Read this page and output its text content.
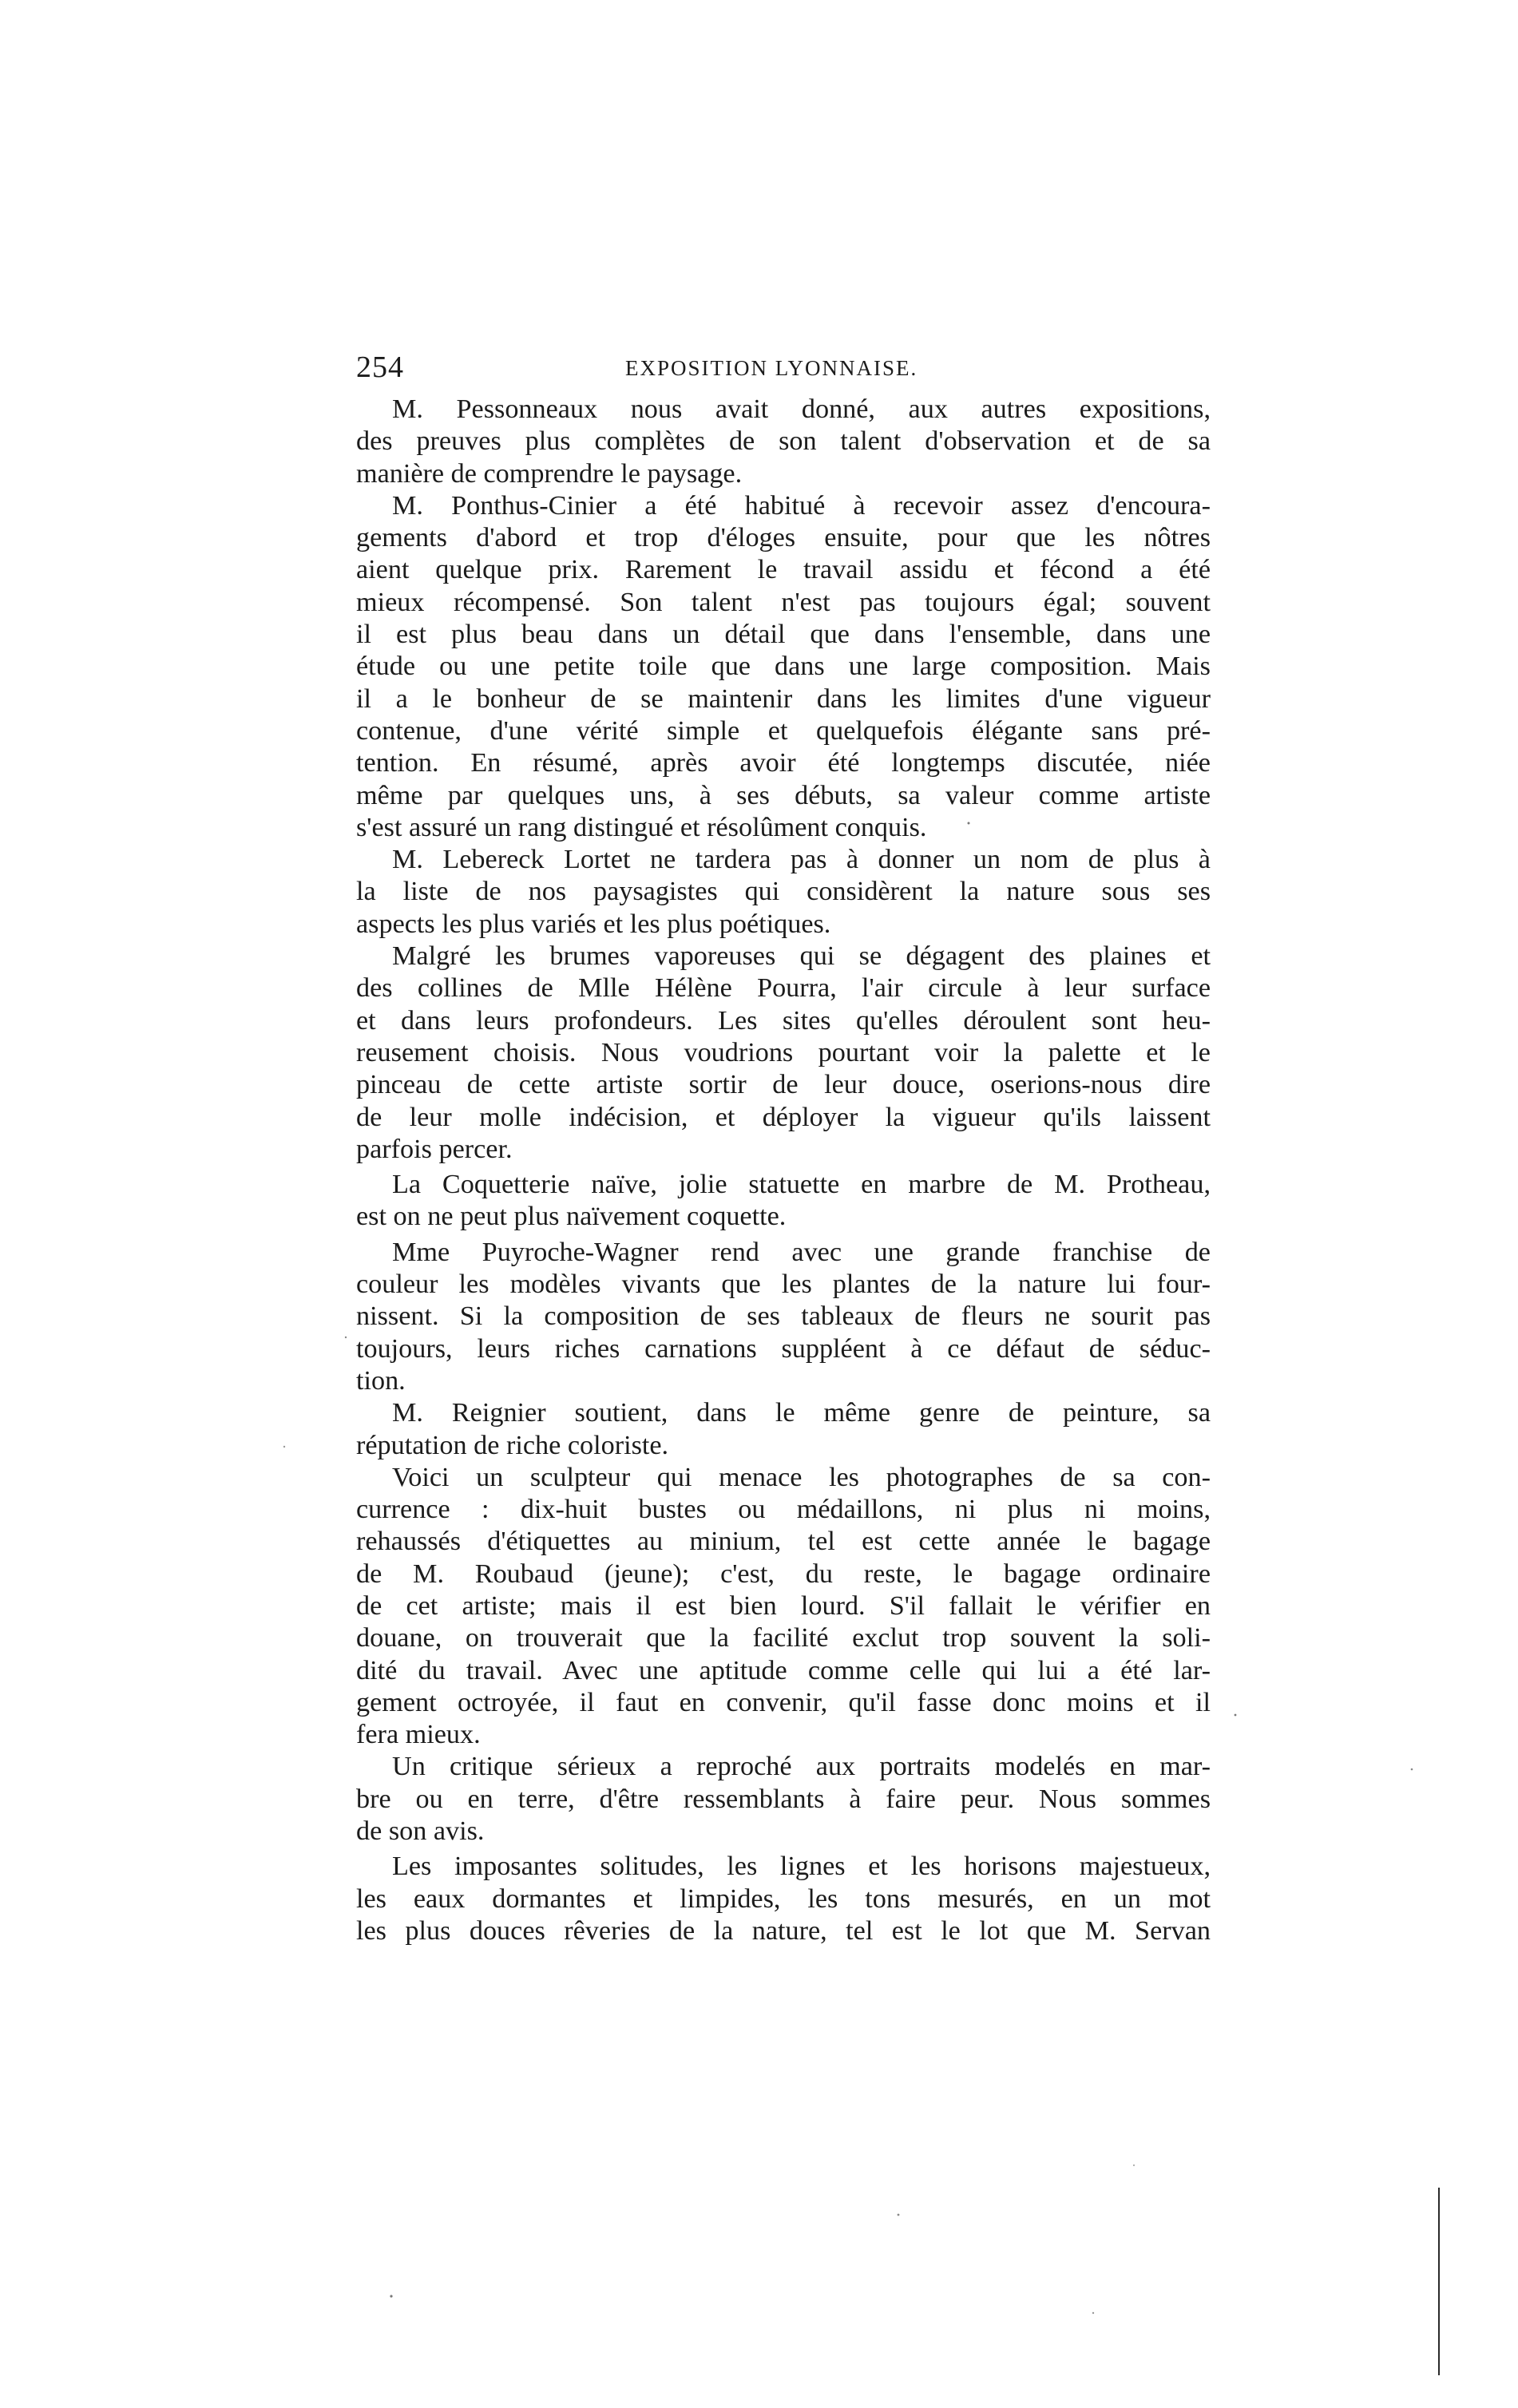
254	EXPOSITION LYONNAISE.
M. Pessonneaux nous avait donné, aux autres expositions,
des preuves plus complètes de son talent d'observation et de sa
manière de comprendre le paysage.
M. Ponthus-Cinier a été habitué à recevoir assez d'encoura-
gements d'abord et trop d'éloges ensuite, pour que les nôtres
aient quelque prix. Rarement le travail assidu et fécond a été
mieux récompensé. Son talent n'est pas toujours égal; souvent
il est plus beau dans un détail que dans l'ensemble, dans une
étude ou une petite toile que dans une large composition. Mais
il a le bonheur de se maintenir dans les limites d'une vigueur
contenue, d'une vérité simple et quelquefois élégante sans pré-
tention. En résumé, après avoir été longtemps discutée, niée
même par quelques uns, à ses débuts, sa valeur comme artiste
s'est assuré un rang distingué et résolûment conquis.
M. Lebereck Lortet ne tardera pas à donner un nom de plus à
la liste de nos paysagistes qui considèrent la nature sous ses
aspects les plus variés et les plus poétiques.
Malgré les brumes vaporeuses qui se dégagent des plaines et
des collines de Mlle Hélène Pourra, l'air circule à leur surface
et dans leurs profondeurs. Les sites qu'elles déroulent sont heu-
reusement choisis. Nous voudrions pourtant voir la palette et le
pinceau de cette artiste sortir de leur douce, oserions-nous dire
de leur molle indécision, et déployer la vigueur qu'ils laissent
parfois percer.
La Coquetterie naïve, jolie statuette en marbre de M. Protheau,
est on ne peut plus naïvement coquette.
Mme Puyroche-Wagner rend avec une grande franchise de
couleur les modèles vivants que les plantes de la nature lui four-
nissent. Si la composition de ses tableaux de fleurs ne sourit pas
toujours, leurs riches carnations suppléent à ce défaut de séduc-
tion.
M. Reignier soutient, dans le même genre de peinture, sa
réputation de riche coloriste.
Voici un sculpteur qui menace les photographes de sa con-
currence : dix-huit bustes ou médaillons, ni plus ni moins,
rehaussés d'étiquettes au minium, tel est cette année le bagage
de M. Roubaud (jeune); c'est, du reste, le bagage ordinaire
de cet artiste; mais il est bien lourd. S'il fallait le vérifier en
douane, on trouverait que la facilité exclut trop souvent la soli-
dité du travail. Avec une aptitude comme celle qui lui a été lar-
gement octroyée, il faut en convenir, qu'il fasse donc moins et il
fera mieux.
Un critique sérieux a reproché aux portraits modelés en mar-
bre ou en terre, d'être ressemblants à faire peur. Nous sommes
de son avis.
Les imposantes solitudes, les lignes et les horisons majestueux,
les eaux dormantes et limpides, les tons mesurés, en un mot
les plus douces rêveries de la nature, tel est le lot que M. Servan
